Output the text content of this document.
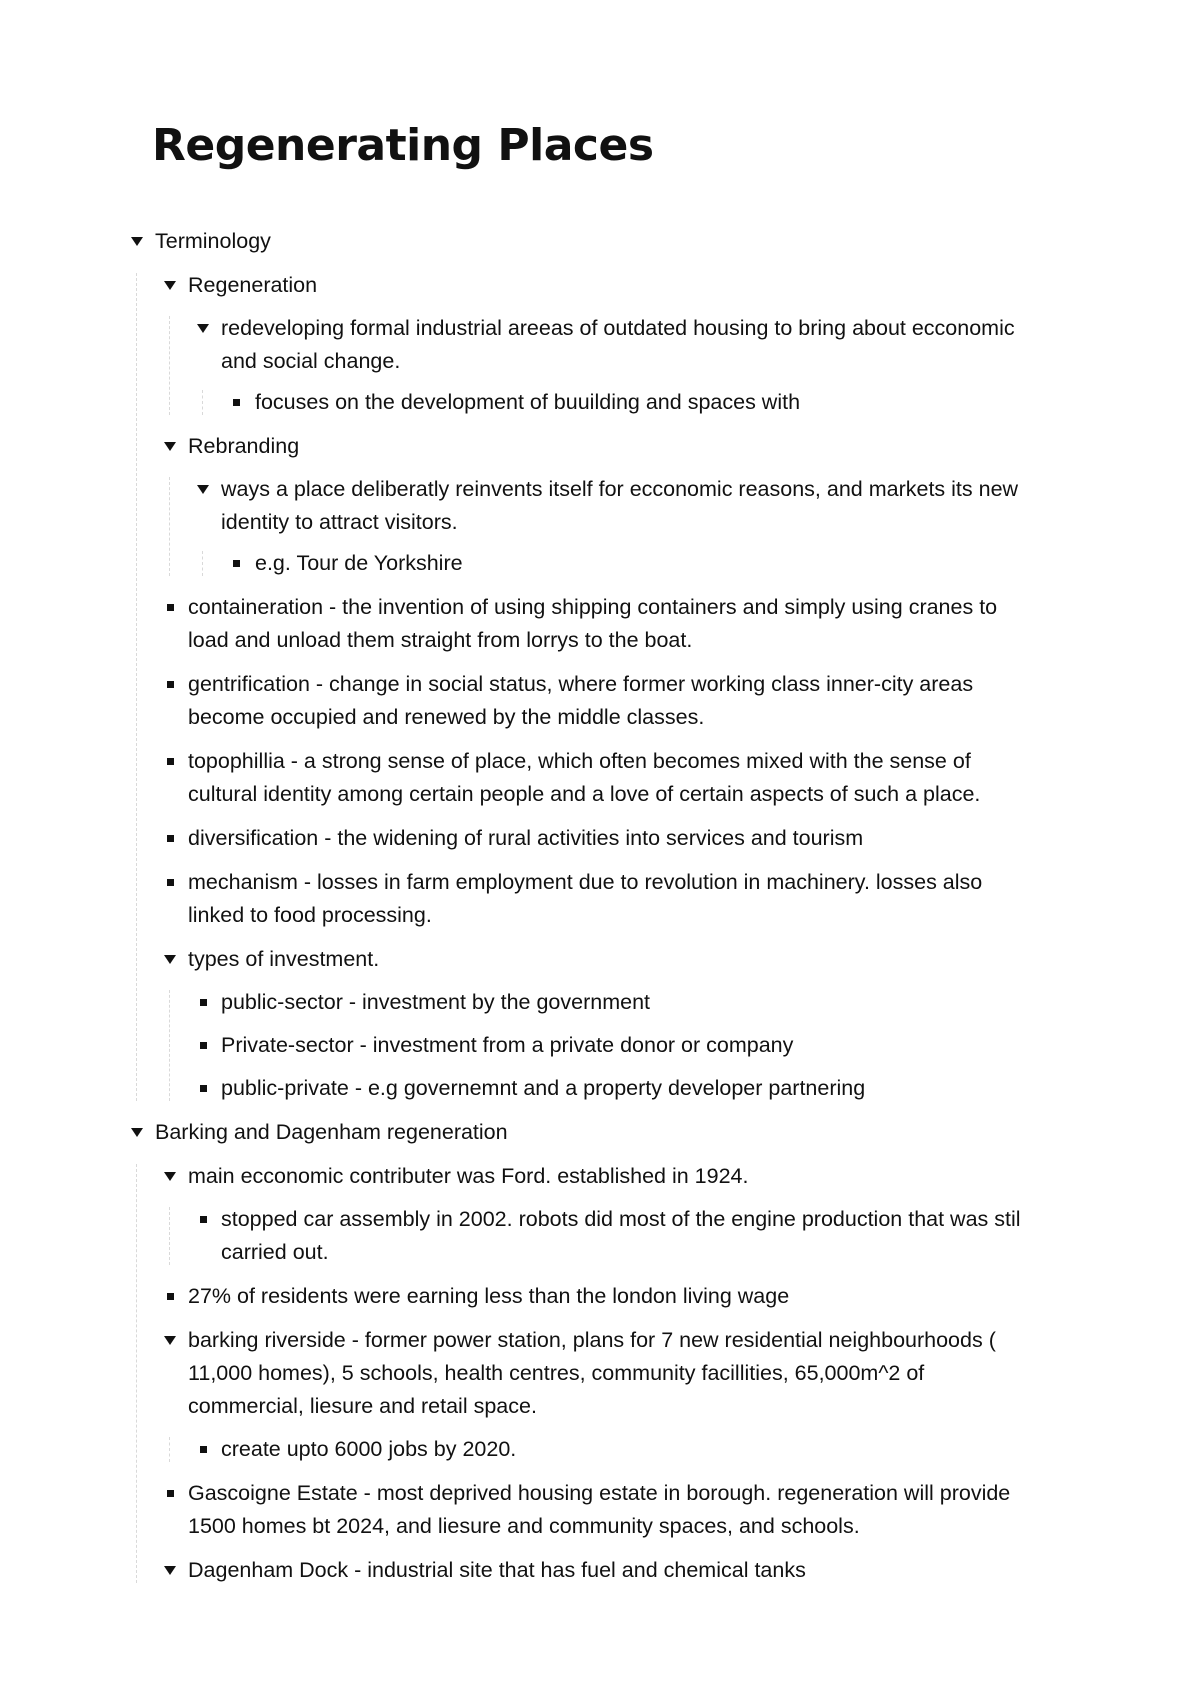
Regenerating Places
Terminology
Regeneration
redeveloping formal industrial areeas of outdated housing to bring about ecconomic and social change.
focuses on the development of buuilding and spaces with
Rebranding
ways a place deliberatly reinvents itself for ecconomic reasons, and markets its new identity to attract visitors.
e.g. Tour de Yorkshire
containeration - the invention of using shipping containers and simply using cranes to load and unload them straight from lorrys to the boat.
gentrification - change in social status, where former working class inner-city areas become occupied and renewed by the middle classes.
topophillia - a strong sense of place, which often becomes mixed with the sense of cultural identity among certain people and a love of certain aspects of such a place.
diversification - the widening of rural activities into services and tourism
mechanism - losses in farm employment due to revolution in machinery. losses also linked to food processing.
types of investment.
public-sector - investment by the government
Private-sector - investment from a private donor or company
public-private - e.g governemnt and a property developer partnering
Barking and Dagenham regeneration
main ecconomic contributer was Ford. established in 1924.
stopped car assembly in 2002. robots did most of the engine production that was stil carried out.
27% of residents were earning less than the london living wage
barking riverside - former power station, plans for 7 new residential neighbourhoods ( 11,000 homes), 5 schools, health centres, community facillities, 65,000m^2 of commercial, liesure and retail space.
create upto 6000 jobs by 2020.
Gascoigne Estate - most deprived housing estate in borough. regeneration will provide 1500 homes bt 2024, and liesure and community spaces, and schools.
Dagenham Dock - industrial site that has fuel and chemical tanks
